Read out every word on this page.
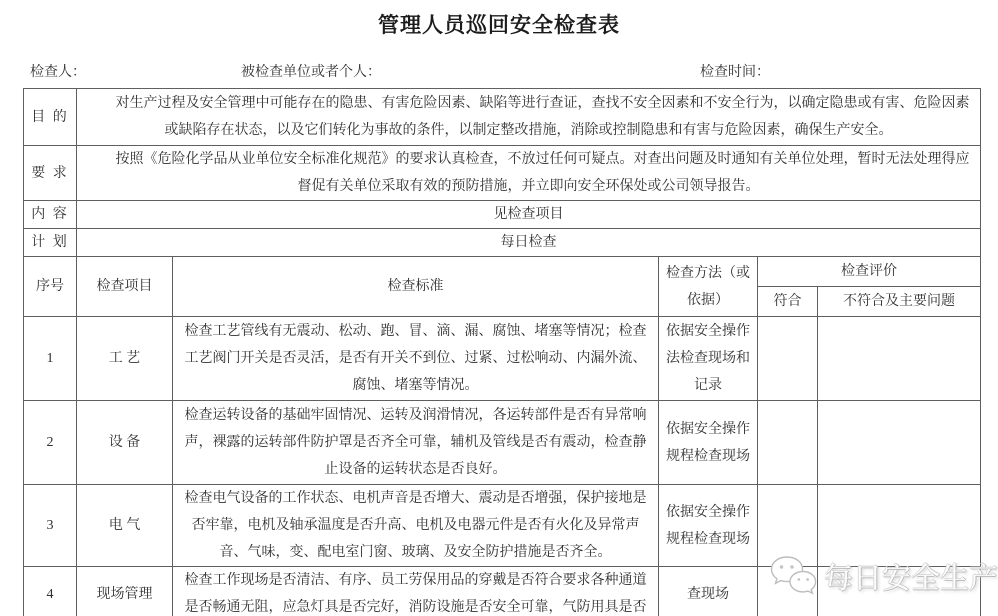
管理人员巡回安全检查表
检查人：	被检查单位或者个人：	检查时间：
目 的	对生产过程及安全管理中可能存在的隐患、有害危险因素、缺陷等进行查证，查找不安全因素和不安全行为，以确定隐患或有害、危险因素或缺陷存在状态，以及它们转化为事故的条件，以制定整改措施，消除或控制隐患和有害与危险因素，确保生产安全。				
要 求	按照《危险化学品从业单位安全标准化规范》的要求认真检查，不放过任何可疑点。对查出问题及时通知有关单位处理，暂时无法处理得应督促有关单位采取有效的预防措施，并立即向安全环保处或公司领导报告。				
内 容	见检查项目				
计 划	每日检查				
序号	检查项目	检查标准	检查方法（或依据）	检查评价	
				符合	不符合及主要问题
1	工 艺	检查工艺管线有无震动、松动、跑、冒、滴、漏、腐蚀、堵塞等情况；检查工艺阀门开关是否灵活，是否有开关不到位、过紧、过松响动、内漏外流、腐蚀、堵塞等情况。	依据安全操作法检查现场和记录		
2	设 备	检查运转设备的基础牢固情况、运转及润滑情况，各运转部件是否有异常响声，裸露的运转部件防护罩是否齐全可靠，辅机及管线是否有震动，检查静止设备的运转状态是否良好。	依据安全操作规程检查现场		
3	电 气	检查电气设备的工作状态、电机声音是否增大、震动是否增强，保护接地是否牢靠，电机及轴承温度是否升高、电机及电器元件是否有火化及异常声音、气味，变、配电室门窗、玻璃、及安全防护措施是否齐全。	依据安全操作规程检查现场		
4	现场管理	检查工作现场是否清洁、有序、员工劳保用品的穿戴是否符合要求各种通道是否畅通无阻，应急灯具是否完好，消防设施是否安全可靠，气防用具是否	查现场			每日安全生产
